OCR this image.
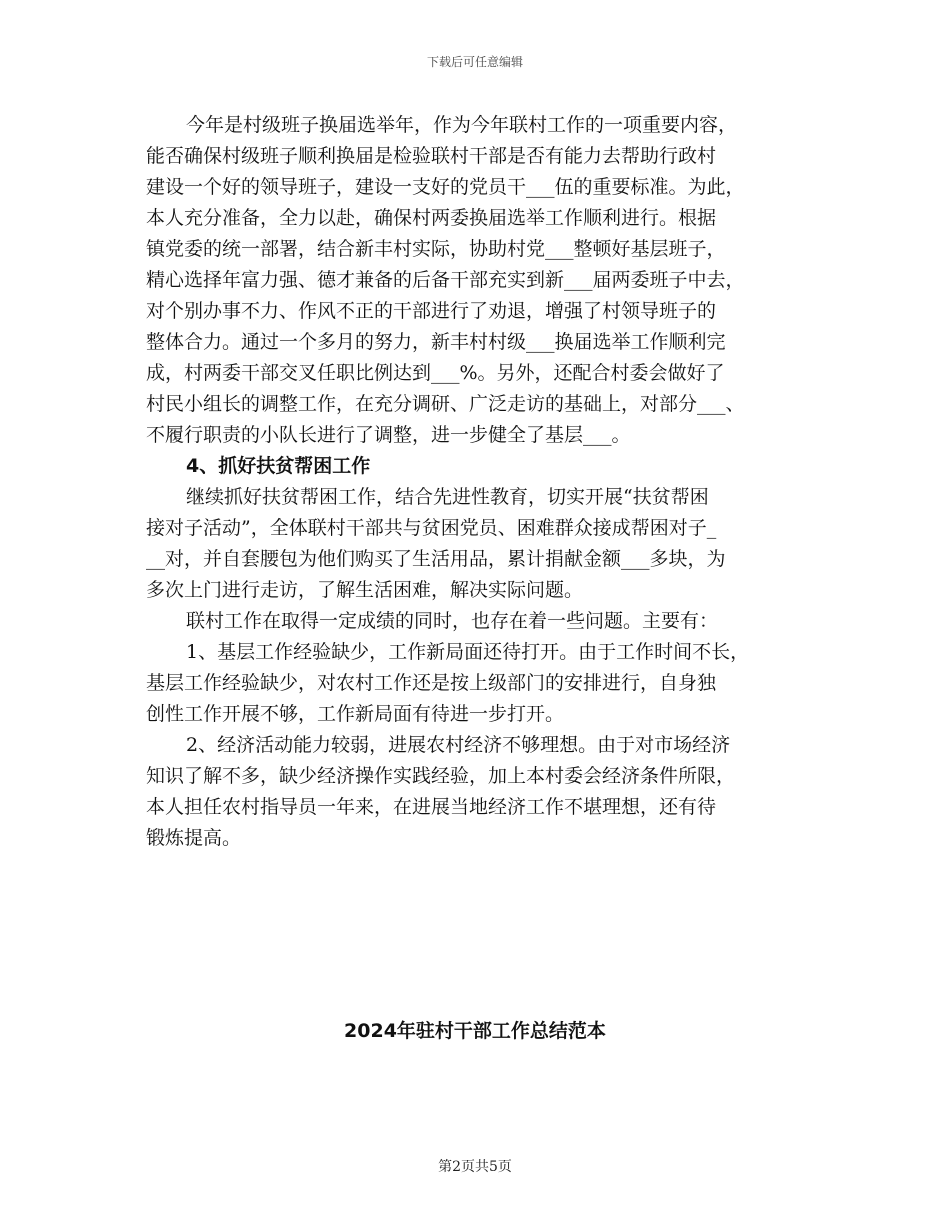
下载后可任意编辑
今年是村级班子换届选举年，作为今年联村工作的一项重要内容，
能否确保村级班子顺利换届是检验联村干部是否有能力去帮助行政村
建设一个好的领导班子，建设一支好的党员干___伍的重要标准。为此，
本人充分准备，全力以赴，确保村两委换届选举工作顺利进行。根据
镇党委的统一部署，结合新丰村实际，协助村党___整顿好基层班子，
精心选择年富力强、德才兼备的后备干部充实到新___届两委班子中去，
对个别办事不力、作风不正的干部进行了劝退，增强了村领导班子的
整体合力。通过一个多月的努力，新丰村村级___换届选举工作顺利完
成，村两委干部交叉任职比例达到___%。另外，还配合村委会做好了
村民小组长的调整工作，在充分调研、广泛走访的基础上，对部分___、
不履行职责的小队长进行了调整，进一步健全了基层___。
4、抓好扶贫帮困工作
继续抓好扶贫帮困工作，结合先进性教育，切实开展“扶贫帮困
接对子活动”，全体联村干部共与贫困党员、困难群众接成帮困对子_
__对，并自套腰包为他们购买了生活用品，累计捐献金额___多块，为
多次上门进行走访，了解生活困难，解决实际问题。
联村工作在取得一定成绩的同时，也存在着一些问题。主要有：
1、基层工作经验缺少，工作新局面还待打开。由于工作时间不长，
基层工作经验缺少，对农村工作还是按上级部门的安排进行，自身独
创性工作开展不够，工作新局面有待进一步打开。
2、经济活动能力较弱，进展农村经济不够理想。由于对市场经济
知识了解不多，缺少经济操作实践经验，加上本村委会经济条件所限，
本人担任农村指导员一年来，在进展当地经济工作不堪理想，还有待
锻炼提高。
2024年驻村干部工作总结范本
第2页共5页
